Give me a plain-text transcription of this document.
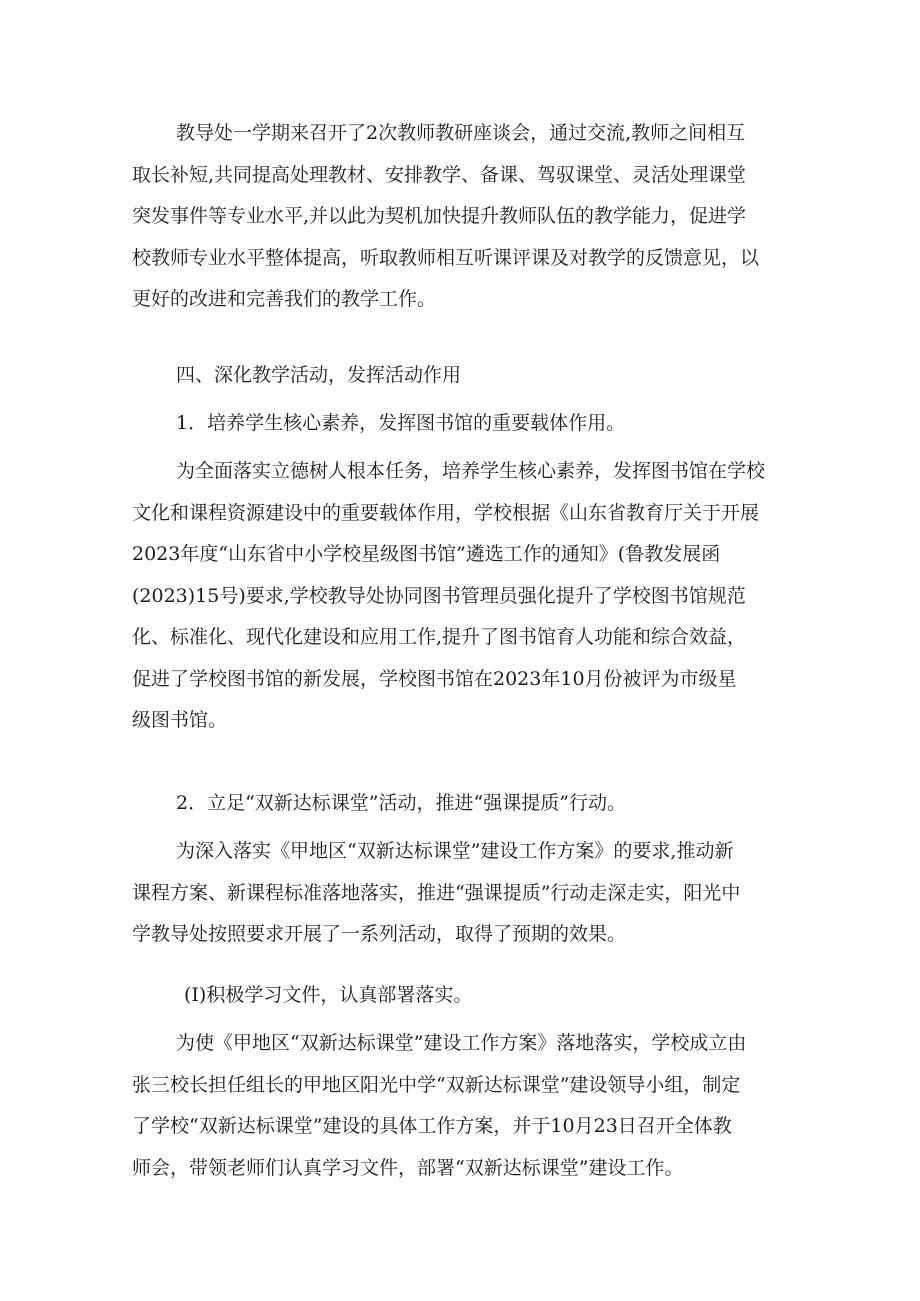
教导处一学期来召开了2次教师教研座谈会，通过交流,教师之间相互
取长补短,共同提高处理教材、安排教学、备课、驾驭课堂、灵活处理课堂
突发事件等专业水平,并以此为契机加快提升教师队伍的教学能力，促进学
校教师专业水平整体提高，听取教师相互听课评课及对教学的反馈意见，以
更好的改进和完善我们的教学工作。
四、深化教学活动，发挥活动作用
1．培养学生核心素养，发挥图书馆的重要载体作用。
为全面落实立德树人根本任务，培养学生核心素养，发挥图书馆在学校
文化和课程资源建设中的重要载体作用，学校根据《山东省教育厅关于开展
2023年度“山东省中小学校星级图书馆”遴选工作的通知》(鲁教发展函
(2023)15号)要求,学校教导处协同图书管理员强化提升了学校图书馆规范
化、标准化、现代化建设和应用工作,提升了图书馆育人功能和综合效益，
促进了学校图书馆的新发展，学校图书馆在2023年10月份被评为市级星
级图书馆。
2．立足“双新达标课堂”活动，推进“强课提质”行动。
为深入落实《甲地区“双新达标课堂”建设工作方案》的要求,推动新
课程方案、新课程标准落地落实，推进“强课提质”行动走深走实，阳光中
学教导处按照要求开展了一系列活动，取得了预期的效果。
(I)积极学习文件，认真部署落实。
为使《甲地区“双新达标课堂”建设工作方案》落地落实，学校成立由
张三校长担任组长的甲地区阳光中学“双新达标课堂”建设领导小组，制定
了学校“双新达标课堂”建设的具体工作方案，并于10月23日召开全体教
师会，带领老师们认真学习文件，部署“双新达标课堂”建设工作。
